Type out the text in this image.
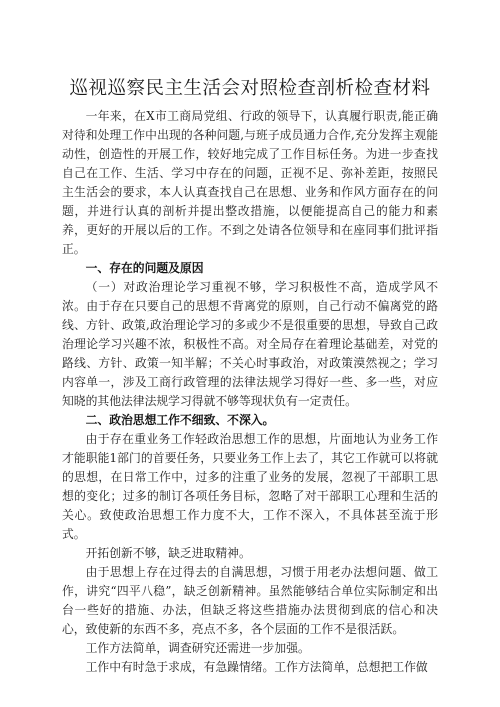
巡视巡察民主生活会对照检查剖析检查材料

一年来，在X市工商局党组、行政的领导下，认真履行职责,能正确对待和处理工作中出现的各种问题,与班子成员通力合作,充分发挥主观能动性，创造性的开展工作，较好地完成了工作目标任务。为进一步查找自己在工作、生活、学习中存在的问题，正视不足、弥补差距，按照民主生活会的要求，本人认真查找自己在思想、业务和作风方面存在的问题，并进行认真的剖析并提出整改措施，以便能提高自己的能力和素养，更好的开展以后的工作。不到之处请各位领导和在座同事们批评指正。

一、存在的问题及原因

（一）对政治理论学习重视不够，学习积极性不高，造成学风不浓。由于存在只要自己的思想不背离党的原则，自己行动不偏离党的路线、方针、政策,政治理论学习的多或少不是很重要的思想，导致自己政治理论学习兴趣不浓，积极性不高。对全局存在着理论基础差，对党的路线、方针、政策一知半解；不关心时事政治，对政策漠然视之；学习内容单一，涉及工商行政管理的法律法规学习得好一些、多一些，对应知晓的其他法律法规学习得就不够等现状负有一定责任。

二、政治思想工作不细致、不深入。

由于存在重业务工作轻政治思想工作的思想，片面地认为业务工作才能职能1部门的首要任务，只要业务工作上去了，其它工作就可以将就的思想，在日常工作中，过多的注重了业务的发展，忽视了干部职工思想的变化；过多的制订各项任务目标，忽略了对干部职工心理和生活的关心。致使政治思想工作力度不大，工作不深入，不具体甚至流于形式。

开拓创新不够，缺乏进取精神。

由于思想上存在过得去的自满思想，习惯于用老办法想问题、做工作，讲究“四平八稳”，缺乏创新精神。虽然能够结合单位实际制定和出台一些好的措施、办法，但缺乏将这些措施办法贯彻到底的信心和决心，致使新的东西不多，亮点不多，各个层面的工作不是很活跃。

工作方法简单，调查研究还需进一步加强。

工作中有时急于求成，有急躁情绪。工作方法简单，总想把工作做
